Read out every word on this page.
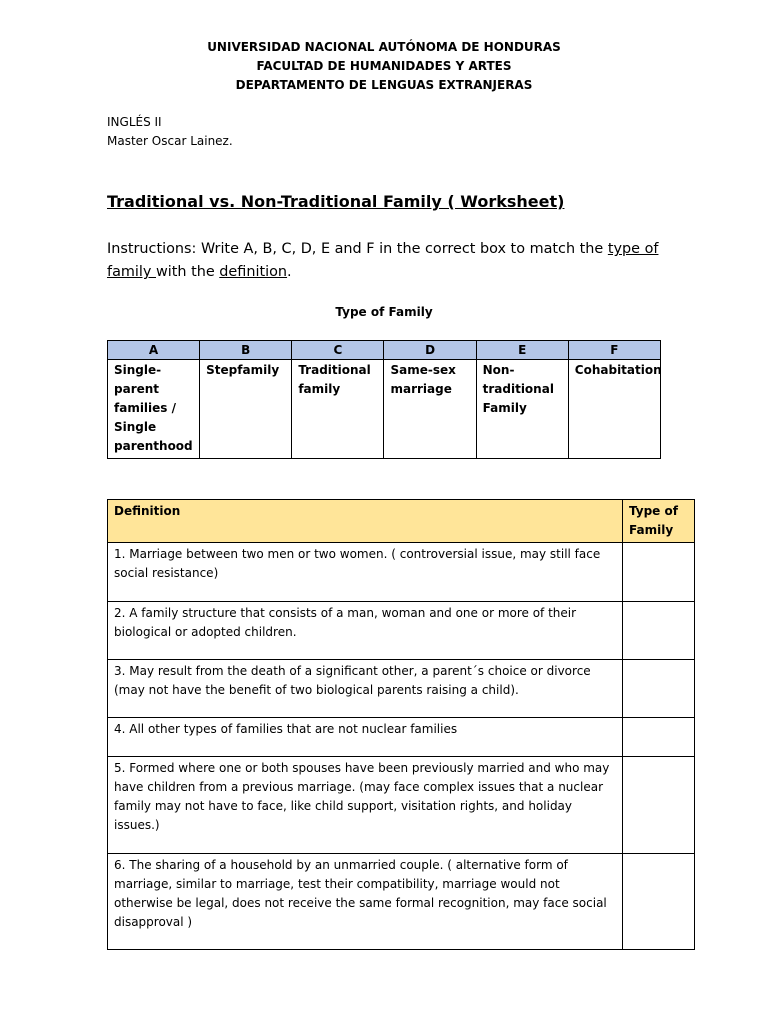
UNIVERSIDAD NACIONAL AUTÓNOMA DE HONDURAS
FACULTAD DE HUMANIDADES Y ARTES
DEPARTAMENTO DE LENGUAS EXTRANJERAS
INGLÉS II
Master Oscar Lainez.
Traditional vs. Non-Traditional Family ( Worksheet)
Instructions: Write A, B, C, D, E and F in the correct box to match the type of family with the definition.
Type of Family
A	B	C	D	E	F
Single-parent families / Single parenthood	Stepfamily	Traditional family	Same-sex marriage	Non-traditional Family	Cohabitation
Definition	Type of Family
1. Marriage between two men or two women. ( controversial issue, may still face social resistance)	
2. A family structure that consists of a man, woman and one or more of their biological or adopted children.	
3. May result from the death of a significant other, a parent´s choice or divorce (may not have the benefit of two biological parents raising a child).	
4. All other types of families that are not nuclear families	
5. Formed where one or both spouses have been previously married and who may have children from a previous marriage. (may face complex issues that a nuclear family may not have to face, like child support, visitation rights, and holiday issues.)	
6. The sharing of a household by an unmarried couple. ( alternative form of marriage, similar to marriage, test their compatibility, marriage would not otherwise be legal, does not receive the same formal recognition, may face social disapproval )	
